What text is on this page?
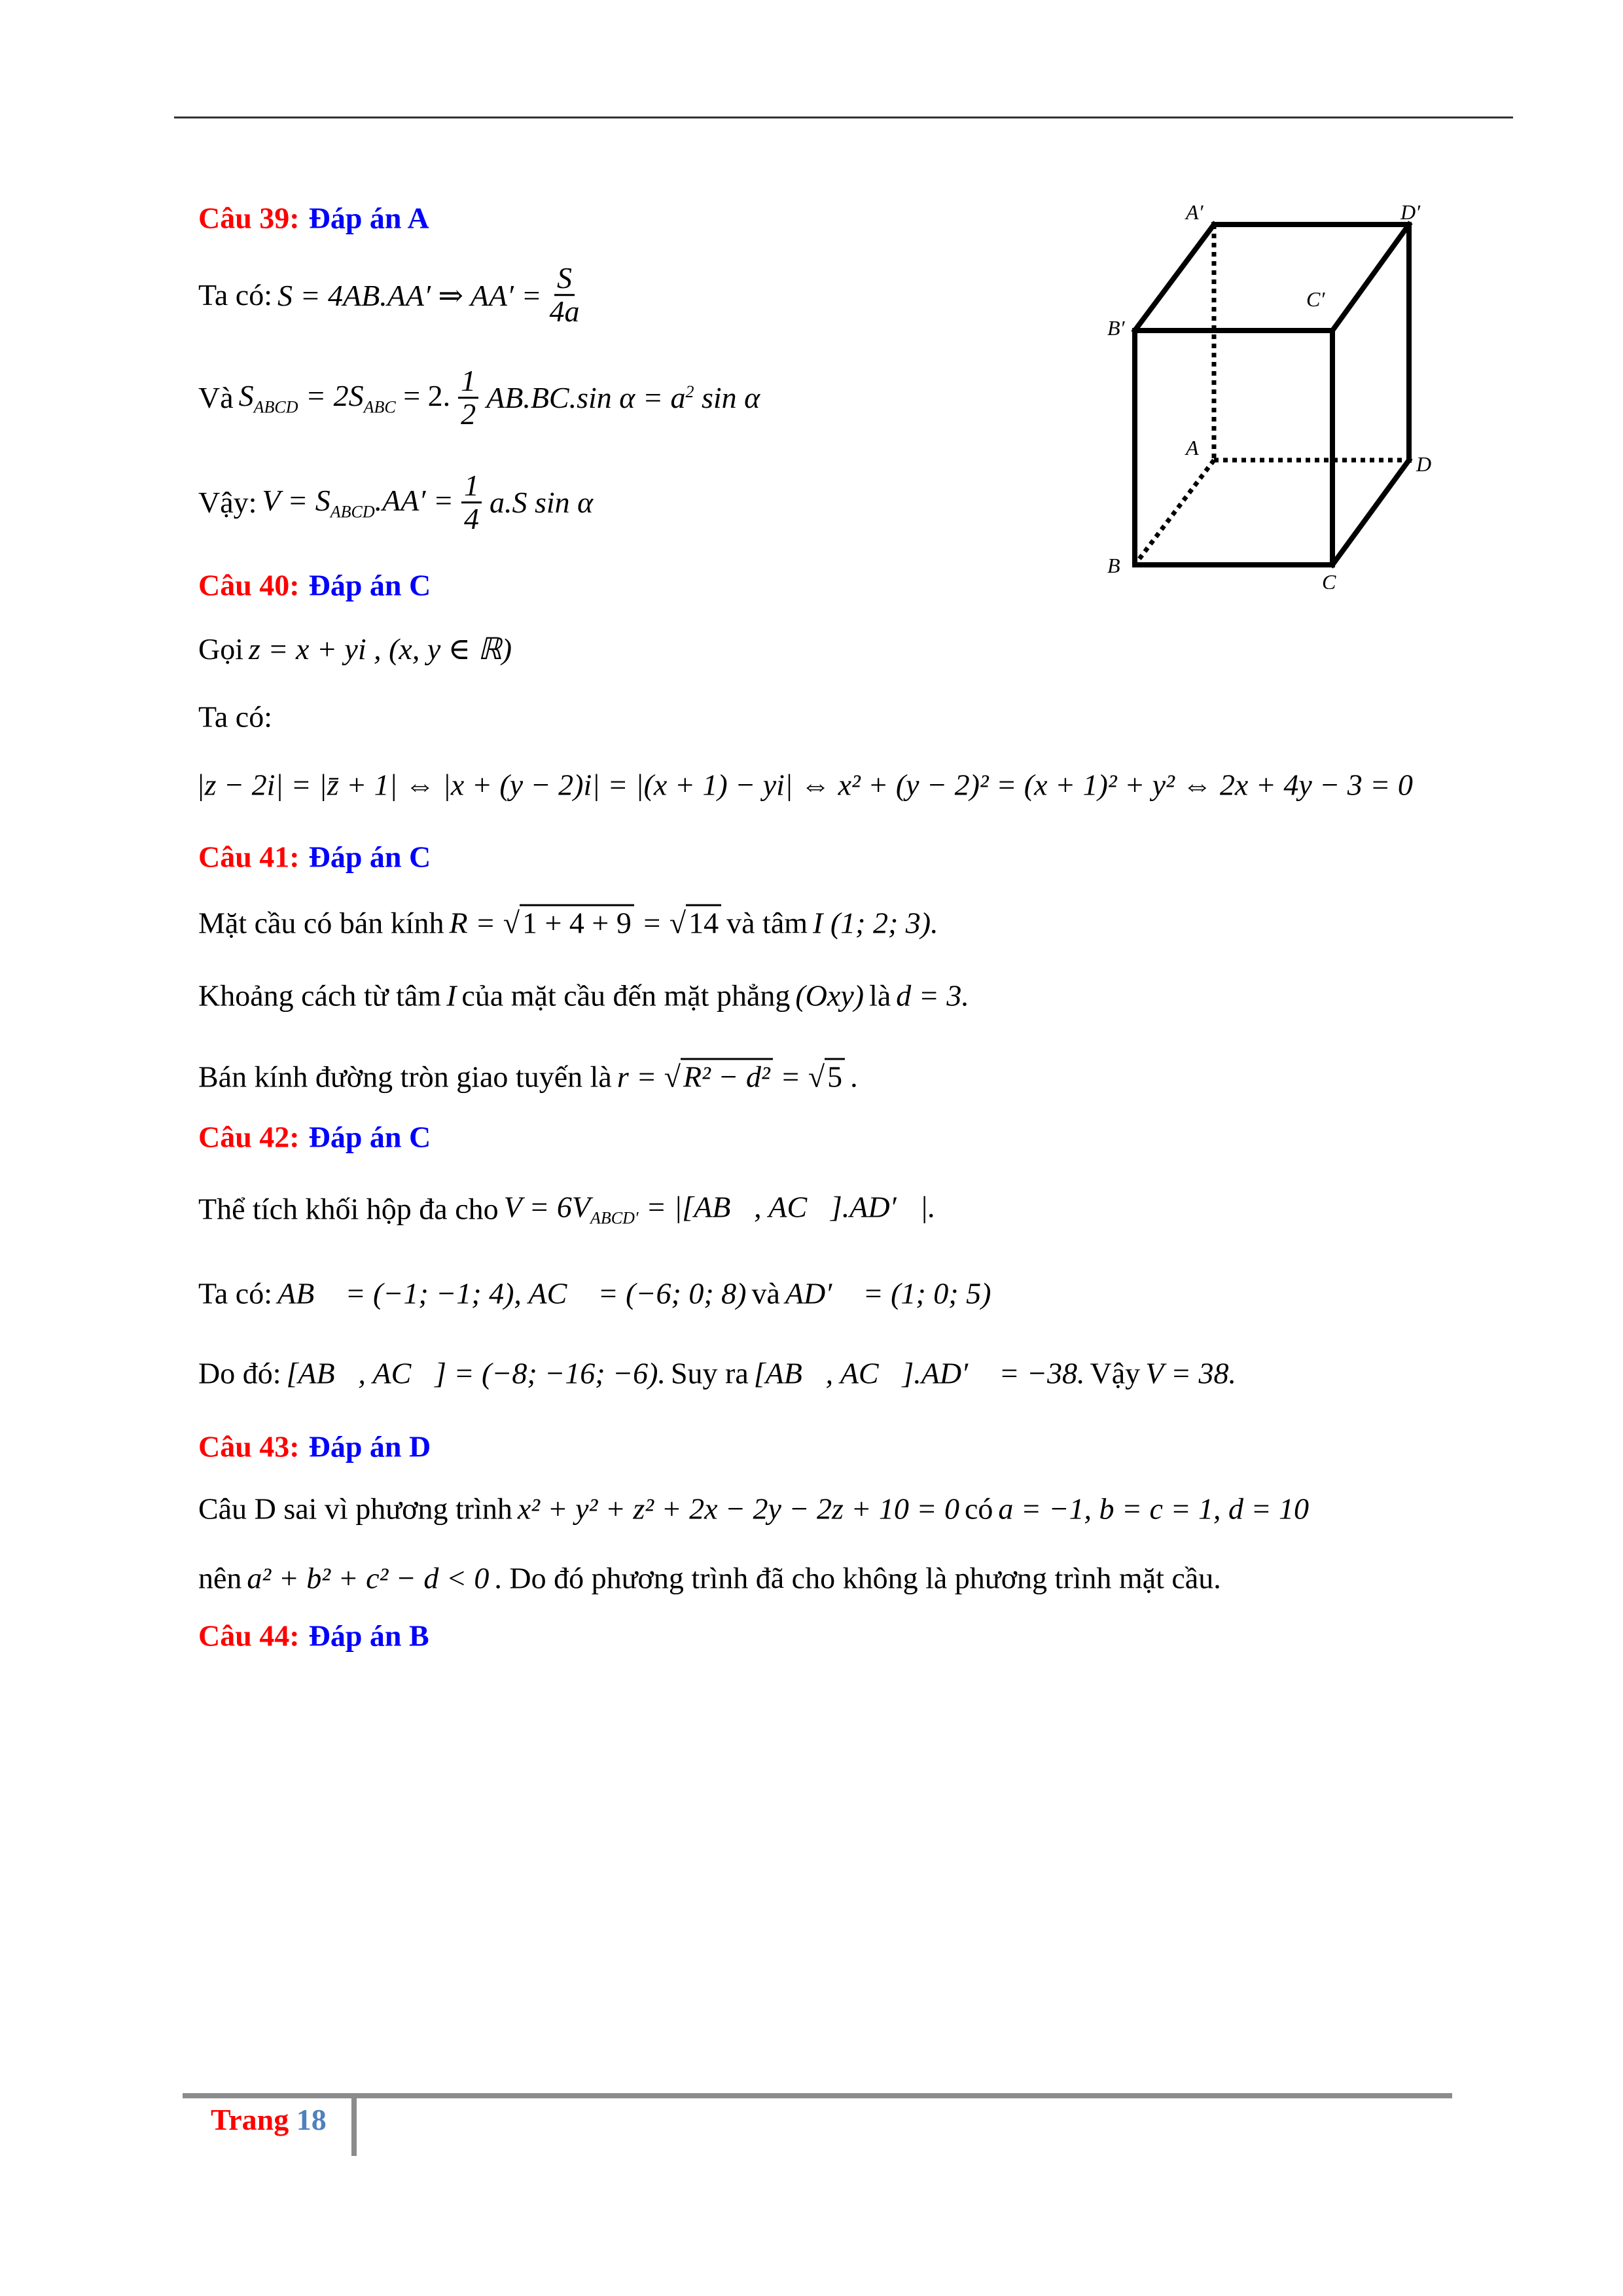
Câu 39: Đáp án A
Ta có: S = 4AB.AA′ ⇒ $AA' = \frac{S}{4a}$
Và $S_{ABCD} = 2S_{ABC} = 2$. $\frac{1}{2} AB.BC.\sin$ $\alpha = a^2$ sin α
Vậy: $V = S_{ABCD}.AA' = \frac{1}{4} a.S$ sin α
A′	D′
B′
C′
A
D
B
C
Câu 40: Đáp án C
Gọi z = x + yi , (x, y ∈ ℝ)
Ta có:
|z − 2i| = |z̄ + 1| ⇔ |x + (y − 2)i| = |(x + 1) − yi| ⇔ x² + (y − 2)² = (x + 1)² + y² ⇔ 2x + 4y − 3 = 0
Câu 41: Đáp án C
Mặt cầu có bán kính R = √1 + 4 + 9 = √14 và tâm I (1; 2; 3).
Khoảng cách từ tâm I của mặt cầu đến mặt phẳng (Oxy) là d = 3.
Bán kính đường tròn giao tuyến là r = √R² − d² = √5 .
Câu 42: Đáp án C
Thể tích khối hộp đa cho $V = 6V_{ABCD'}$ = |[AB⃗, AC⃗].AD′⃗|.
Ta có: AB⃗ = (−1; −1; 4), AC⃗ = (−6; 0; 8) và AD′⃗ = (1; 0; 5)
Do đó: [AB⃗, AC⃗] = (−8; −16; −6). Suy ra [AB⃗, AC⃗].AD′⃗ = −38. Vậy V = 38.
Câu 43: Đáp án D
Câu D sai vì phương trình x² + y² + z² + 2x − 2y − 2z + 10 = 0 có a = −1, b = c = 1, d = 10
nên a² + b² + c² − d < 0 . Do đó phương trình đã cho không là phương trình mặt cầu.
Câu 44: Đáp án B
Trang 18
